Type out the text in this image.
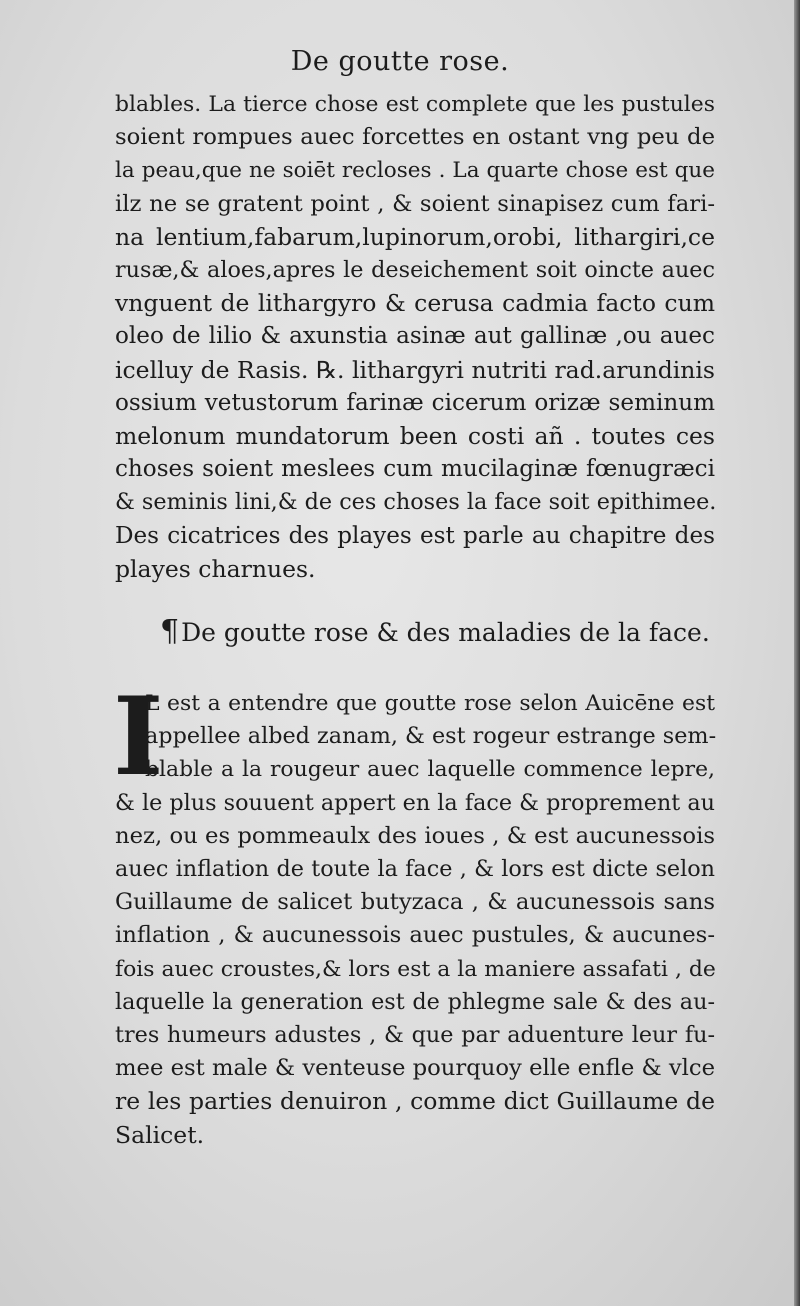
De goutte rose.
blables. La tierce chose est complete que les pustules
soient rompues auec forcettes en ostant vng peu de
la peau,que ne soiēt recloses . La quarte chose est que
ilz ne se gratent point , & soient sinapisez cum fari-
na lentium,fabarum,lupinorum,orobi, lithargiri,ce
rusæ,& aloes,apres le deseichement soit oincte auec
vnguent de lithargyro & cerusa cadmia facto cum
oleo de lilio & axunstia asinæ aut gallinæ ,ou auec
icelluy de Rasis. ℞. lithargyri nutriti rad.arundinis
ossium vetustorum farinæ cicerum orizæ seminum
melonum mundatorum been costi añ . toutes ces
choses soient meslees cum mucilaginæ fœnugræci
& seminis lini,& de ces choses la face soit epithimee.
Des cicatrices des playes est parle au chapitre des
playes charnues.
¶De goutte rose & des maladies de la face.
I
L est a entendre que goutte rose selon Auicēne est
appellee albed zanam, & est rogeur estrange sem-
blable a la rougeur auec laquelle commence lepre,
& le plus souuent appert en la face & proprement au
nez, ou es pommeaulx des ioues , & est aucunessois
auec inflation de toute la face , & lors est dicte selon
Guillaume de salicet butyzaca , & aucunessois sans
inflation , & aucunessois auec pustules, & aucunes-
fois auec croustes,& lors est a la maniere assafati , de
laquelle la generation est de phlegme sale & des au-
tres humeurs adustes , & que par aduenture leur fu-
mee est male & venteuse pourquoy elle enfle & vlce
re les parties denuiron , comme dict Guillaume de
Salicet.
